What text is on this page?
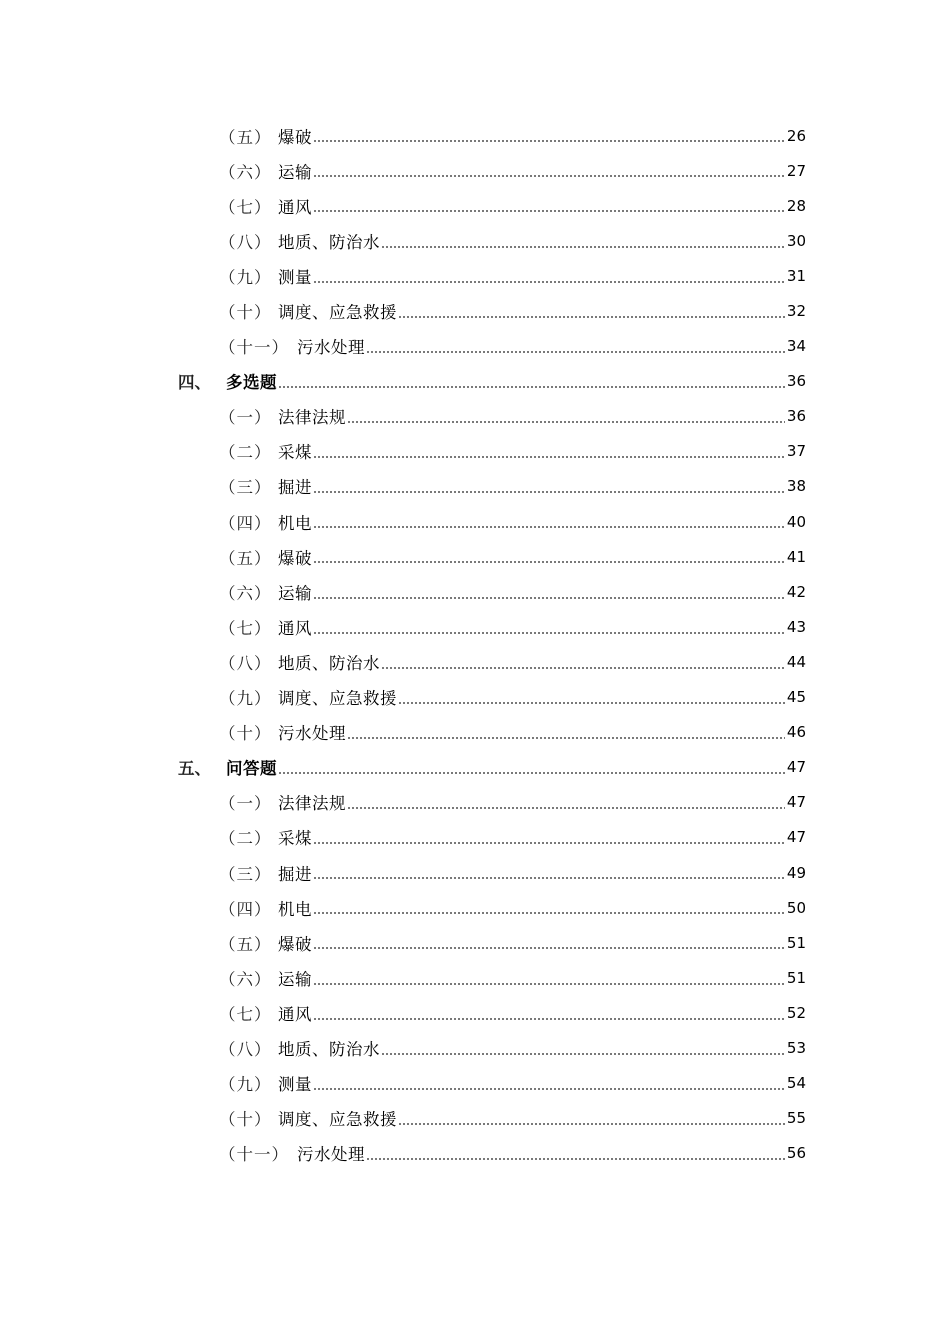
（五） 爆破	26
（六） 运输	27
（七） 通风	28
（八） 地质、防治水	30
（九） 测量	31
（十） 调度、应急救援	32
（十一） 污水处理	34
四、 多选题	36
（一） 法律法规	36
（二） 采煤	37
（三） 掘进	38
（四） 机电	40
（五） 爆破	41
（六） 运输	42
（七） 通风	43
（八） 地质、防治水	44
（九） 调度、应急救援	45
（十） 污水处理	46
五、 问答题	47
（一） 法律法规	47
（二） 采煤	47
（三） 掘进	49
（四） 机电	50
（五） 爆破	51
（六） 运输	51
（七） 通风	52
（八） 地质、防治水	53
（九） 测量	54
（十） 调度、应急救援	55
（十一） 污水处理	56
